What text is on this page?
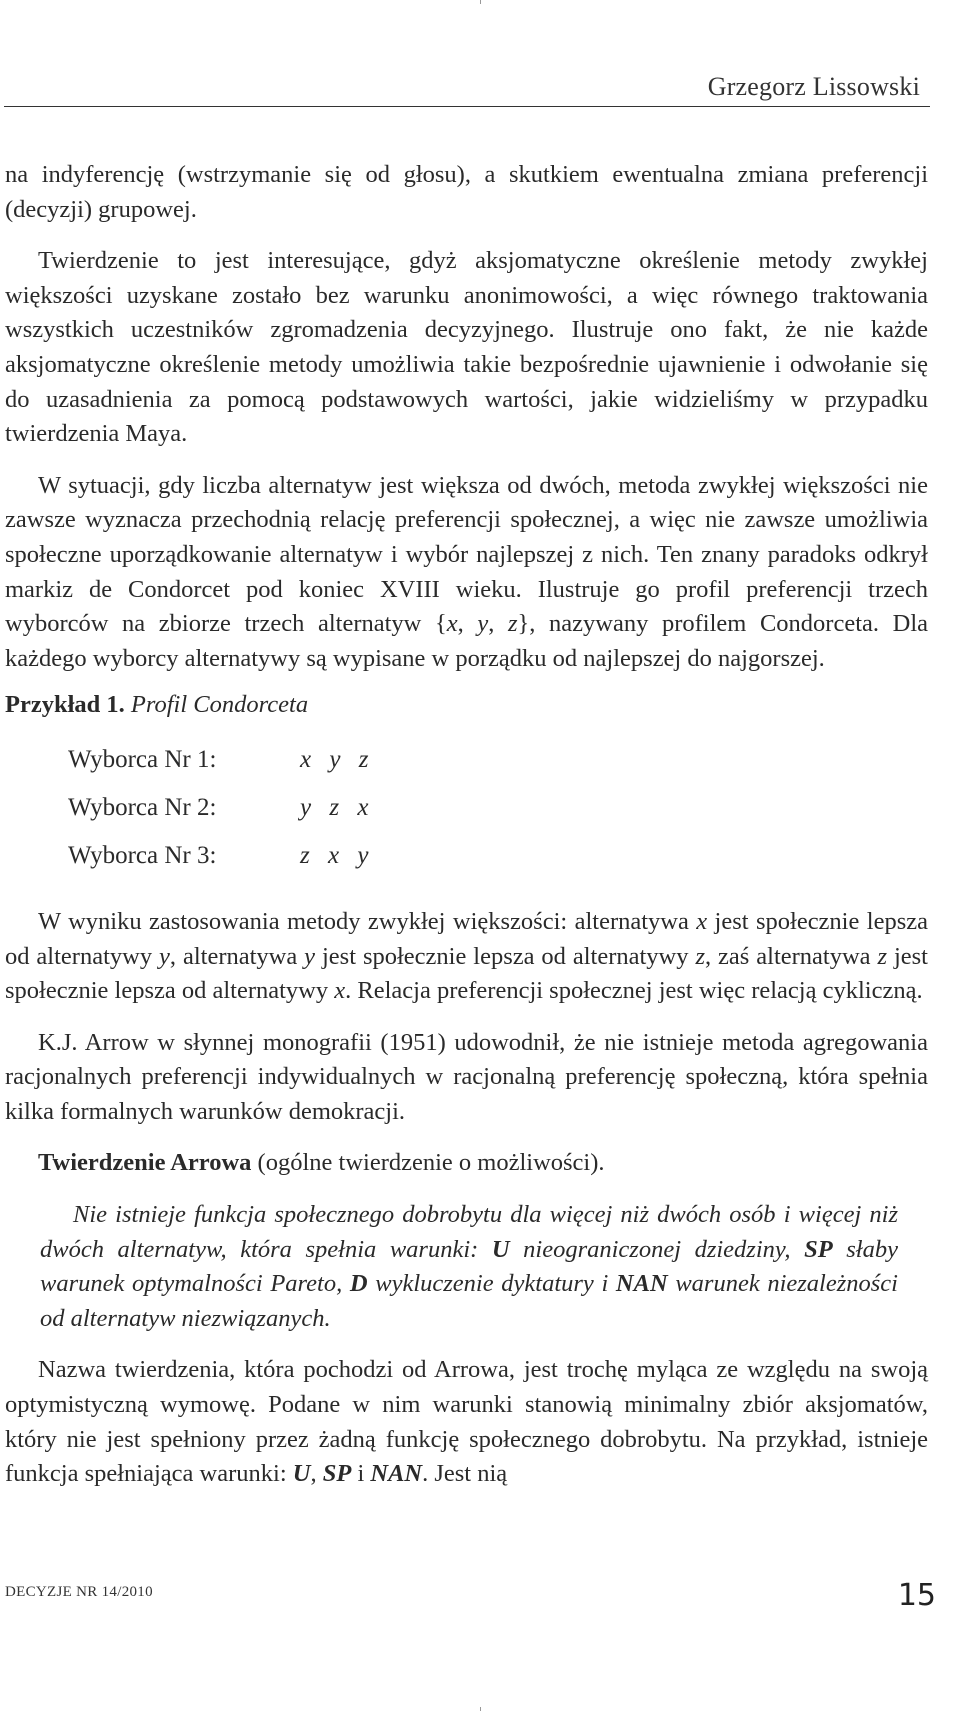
Grzegorz Lissowski

na indyferencję (wstrzymanie się od głosu), a skutkiem ewentualna zmiana preferencji (decyzji) grupowej.

Twierdzenie to jest interesujące, gdyż aksjomatyczne określenie metody zwykłej większości uzyskane zostało bez warunku anonimowości, a więc równego traktowania wszystkich uczestników zgromadzenia decyzyjnego. Ilustruje ono fakt, że nie każde aksjomatyczne określenie metody umożliwia takie bezpośrednie ujawnienie i odwołanie się do uzasadnienia za pomocą podstawowych wartości, jakie widzieliśmy w przypadku twierdzenia Maya.

W sytuacji, gdy liczba alternatyw jest większa od dwóch, metoda zwykłej większości nie zawsze wyznacza przechodnią relację preferencji społecznej, a więc nie zawsze umożliwia społeczne uporządkowanie alternatyw i wybór najlepszej z nich. Ten znany paradoks odkrył markiz de Condorcet pod koniec XVIII wieku. Ilustruje go profil preferencji trzech wyborców na zbiorze trzech alternatyw {x, y, z}, nazywany profilem Condorceta. Dla każdego wyborcy alternatywy są wypisane w porządku od najlepszej do najgorszej.

Przykład 1. Profil Condorceta

Wyborca Nr 1:	x y z
Wyborca Nr 2:	y z x
Wyborca Nr 3:	z x y

W wyniku zastosowania metody zwykłej większości: alternatywa x jest społecznie lepsza od alternatywy y, alternatywa y jest społecznie lepsza od alternatywy z, zaś alternatywa z jest społecznie lepsza od alternatywy x. Relacja preferencji społecznej jest więc relacją cykliczną.

K.J. Arrow w słynnej monografii (1951) udowodnił, że nie istnieje metoda agregowania racjonalnych preferencji indywidualnych w racjonalną preferencję społeczną, która spełnia kilka formalnych warunków demokracji.

Twierdzenie Arrowa (ogólne twierdzenie o możliwości).

Nie istnieje funkcja społecznego dobrobytu dla więcej niż dwóch osób i więcej niż dwóch alternatyw, która spełnia warunki: U nieograniczonej dziedziny, SP słaby warunek optymalności Pareto, D wykluczenie dyktatury i NAN warunek niezależności od alternatyw niezwiązanych.

Nazwa twierdzenia, która pochodzi od Arrowa, jest trochę myląca ze względu na swoją optymistyczną wymowę. Podane w nim warunki stanowią minimalny zbiór aksjomatów, który nie jest spełniony przez żadną funkcję społecznego dobrobytu. Na przykład, istnieje funkcja spełniająca warunki: U, SP i NAN. Jest nią

DECYZJE NR 14/2010	15
